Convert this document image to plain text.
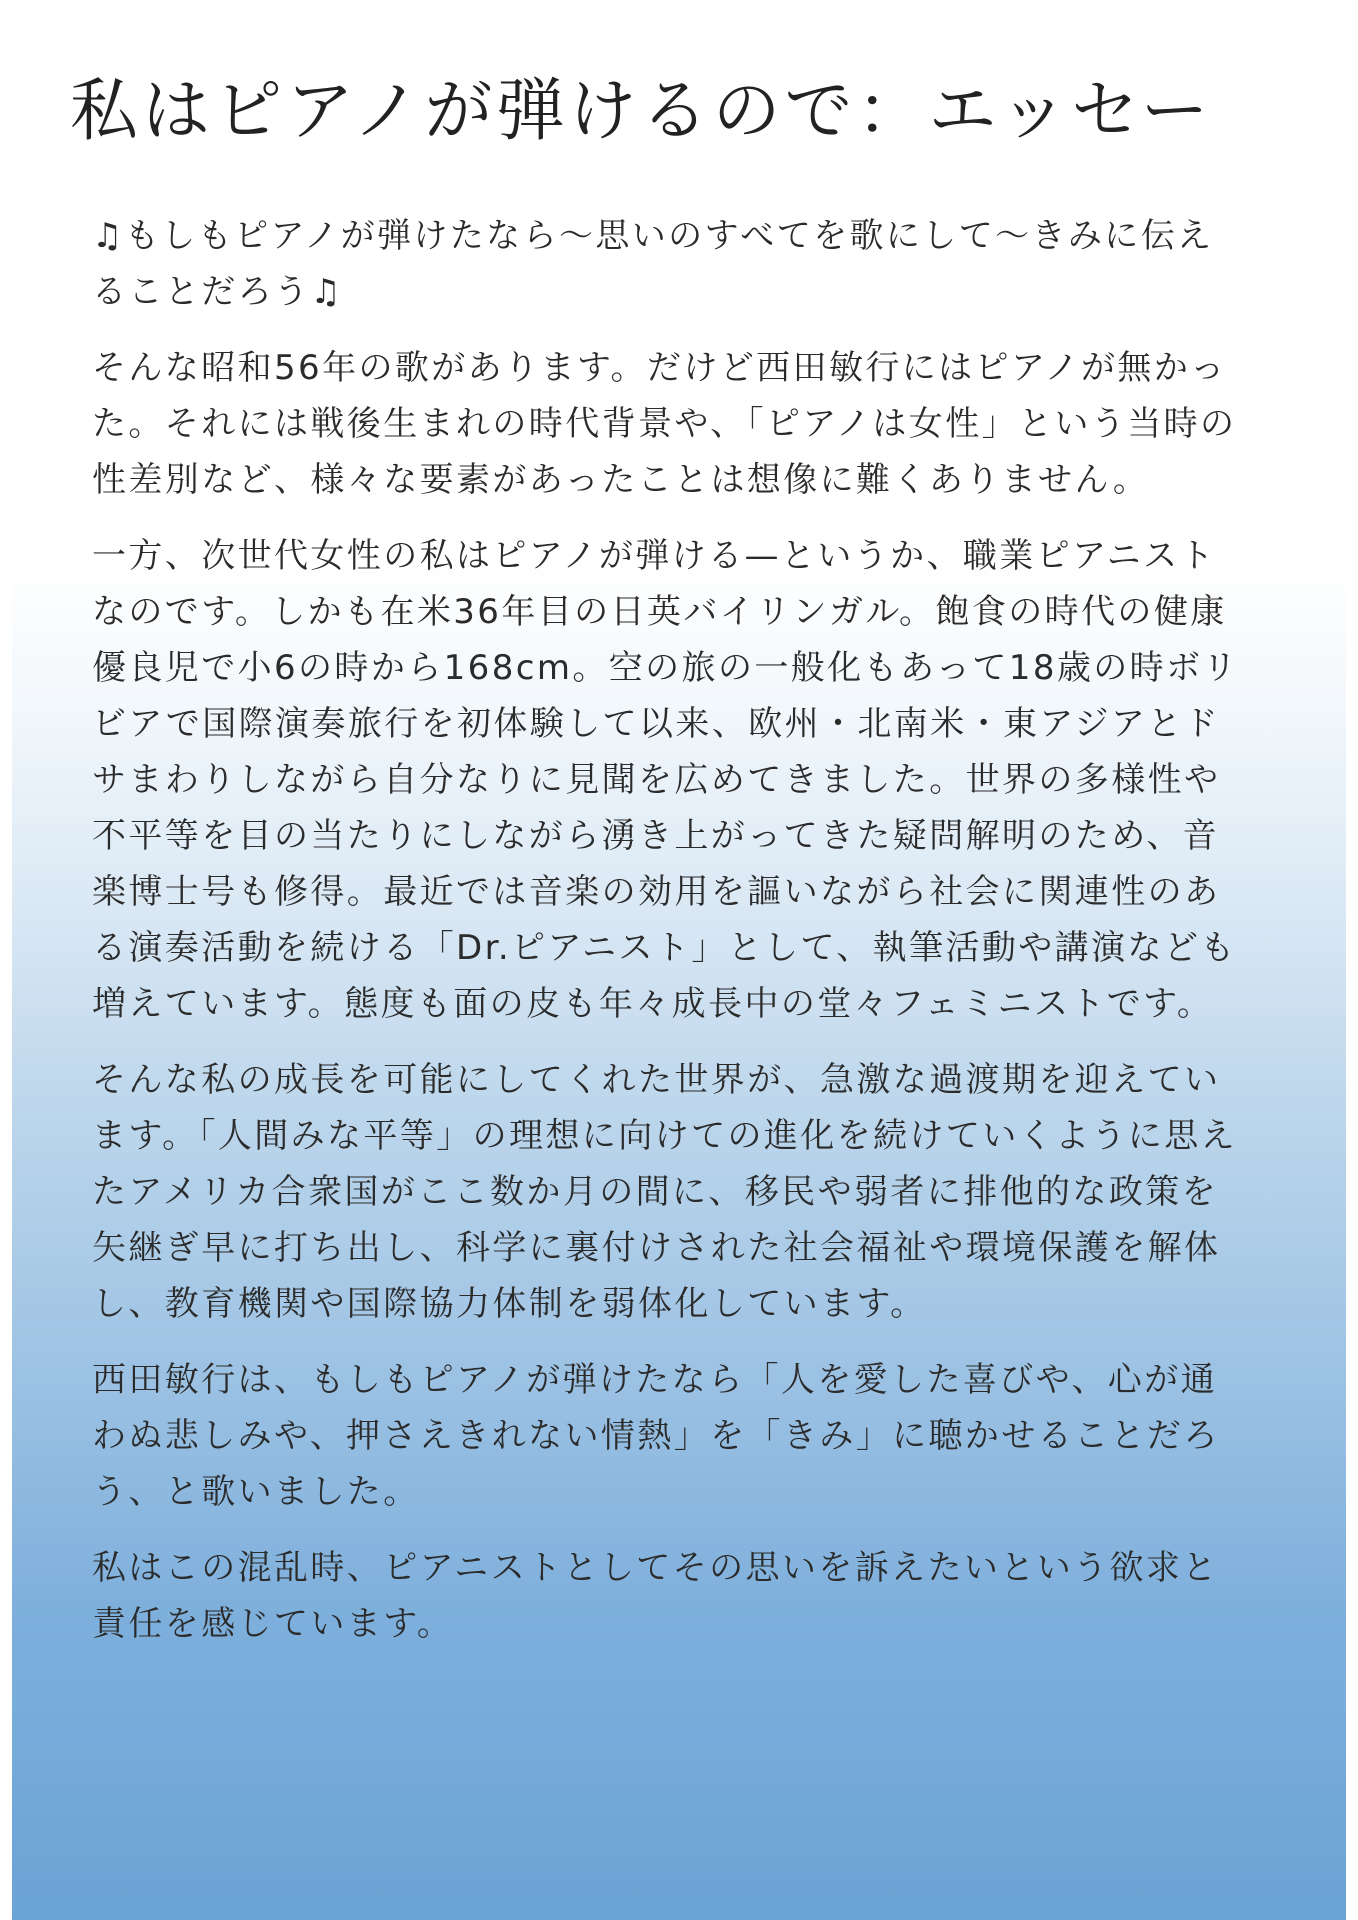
私はピアノが弾けるので：エッセー

♫もしもピアノが弾けたなら〜思いのすべてを歌にして〜きみに伝えることだろう♫

そんな昭和56年の歌があります。だけど西田敏行にはピアノが無かった。それには戦後生まれの時代背景や、「ピアノは女性」という当時の性差別など、様々な要素があったことは想像に難くありません。

一方、次世代女性の私はピアノが弾ける—というか、職業ピアニストなのです。しかも在米36年目の日英バイリンガル。飽食の時代の健康優良児で小6の時から168cm。空の旅の一般化もあって18歳の時ボリビアで国際演奏旅行を初体験して以来、欧州・北南米・東アジアとドサまわりしながら自分なりに見聞を広めてきました。世界の多様性や不平等を目の当たりにしながら湧き上がってきた疑問解明のため、音楽博士号も修得。最近では音楽の効用を謳いながら社会に関連性のある演奏活動を続ける「Dr.ピアニスト」として、執筆活動や講演なども増えています。態度も面の皮も年々成長中の堂々フェミニストです。

そんな私の成長を可能にしてくれた世界が、急激な過渡期を迎えています。「人間みな平等」の理想に向けての進化を続けていくように思えたアメリカ合衆国がここ数か月の間に、移民や弱者に排他的な政策を矢継ぎ早に打ち出し、科学に裏付けされた社会福祉や環境保護を解体し、教育機関や国際協力体制を弱体化しています。

西田敏行は、もしもピアノが弾けたなら「人を愛した喜びや、心が通わぬ悲しみや、押さえきれない情熱」を「きみ」に聴かせることだろう、と歌いました。

私はこの混乱時、ピアニストとしてその思いを訴えたいという欲求と責任を感じています。
